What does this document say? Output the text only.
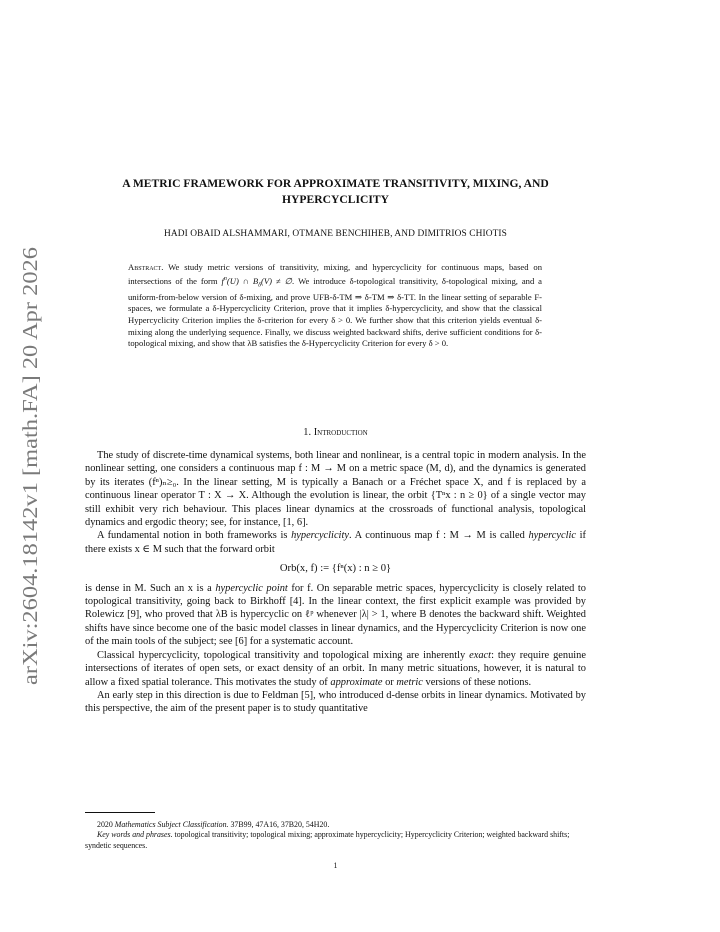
arXiv:2604.18142v1 [math.FA] 20 Apr 2026
A METRIC FRAMEWORK FOR APPROXIMATE TRANSITIVITY, MIXING, AND
HYPERCYCLICITY
HADI OBAID ALSHAMMARI, OTMANE BENCHIHEB, AND DIMITRIOS CHIOTIS
Abstract. We study metric versions of transitivity, mixing, and hypercyclicity for continuous maps, based on intersections of the form $f^n(U)$ ∩ $B_\delta(V)$ ≠ ∅. We introduce δ-topological transitivity, δ-topological mixing, and a uniform-from-below version of δ-mixing, and prove UFB-δ-TM ⇒ δ-TM ⇒ δ-TT. In the linear setting of separable F-spaces, we formulate a δ-Hypercyclicity Criterion, prove that it implies δ-hypercyclicity, and show that the classical Hypercyclicity Criterion implies the δ-criterion for every δ > 0. We further show that this criterion yields eventual δ-mixing along the underlying sequence. Finally, we discuss weighted backward shifts, derive sufficient conditions for δ-topological mixing, and show that λB satisfies the δ-Hypercyclicity Criterion for every δ > 0.
1. Introduction

The study of discrete-time dynamical systems, both linear and nonlinear, is a central topic in modern analysis. In the nonlinear setting, one considers a continuous map f : M → M on a metric space (M, d), and the dynamics is generated by its iterates (fⁿ)ₙ≥₀. In the linear setting, M is typically a Banach or a Fréchet space X, and f is replaced by a continuous linear operator T : X → X. Although the evolution is linear, the orbit {Tⁿx : n ≥ 0} of a single vector may still exhibit very rich behaviour. This places linear dynamics at the crossroads of functional analysis, topological dynamics and ergodic theory; see, for instance, [1, 6].

A fundamental notion in both frameworks is hypercyclicity. A continuous map f : M → M is called hypercyclic if there exists x ∈ M such that the forward orbit

Orb(x, f) := {fⁿ(x) : n ≥ 0}

is dense in M. Such an x is a hypercyclic point for f. On separable metric spaces, hypercyclicity is closely related to topological transitivity, going back to Birkhoff [4]. In the linear context, the first explicit example was provided by Rolewicz [9], who proved that λB is hypercyclic on ℓᵖ whenever |λ| > 1, where B denotes the backward shift. Weighted shifts have since become one of the basic model classes in linear dynamics, and the Hypercyclicity Criterion is now one of the main tools of the subject; see [6] for a systematic account.

Classical hypercyclicity, topological transitivity and topological mixing are inherently exact: they require genuine intersections of iterates of open sets, or exact density of an orbit. In many metric situations, however, it is natural to allow a fixed spatial tolerance. This motivates the study of approximate or metric versions of these notions.

An early step in this direction is due to Feldman [5], who introduced d-dense orbits in linear dynamics. Motivated by this perspective, the aim of the present paper is to study quantitative

2020 Mathematics Subject Classification. 37B99, 47A16, 37B20, 54H20.

Key words and phrases. topological transitivity; topological mixing; approximate hypercyclicity; Hypercyclicity Criterion; weighted backward shifts; syndetic sequences.

1
